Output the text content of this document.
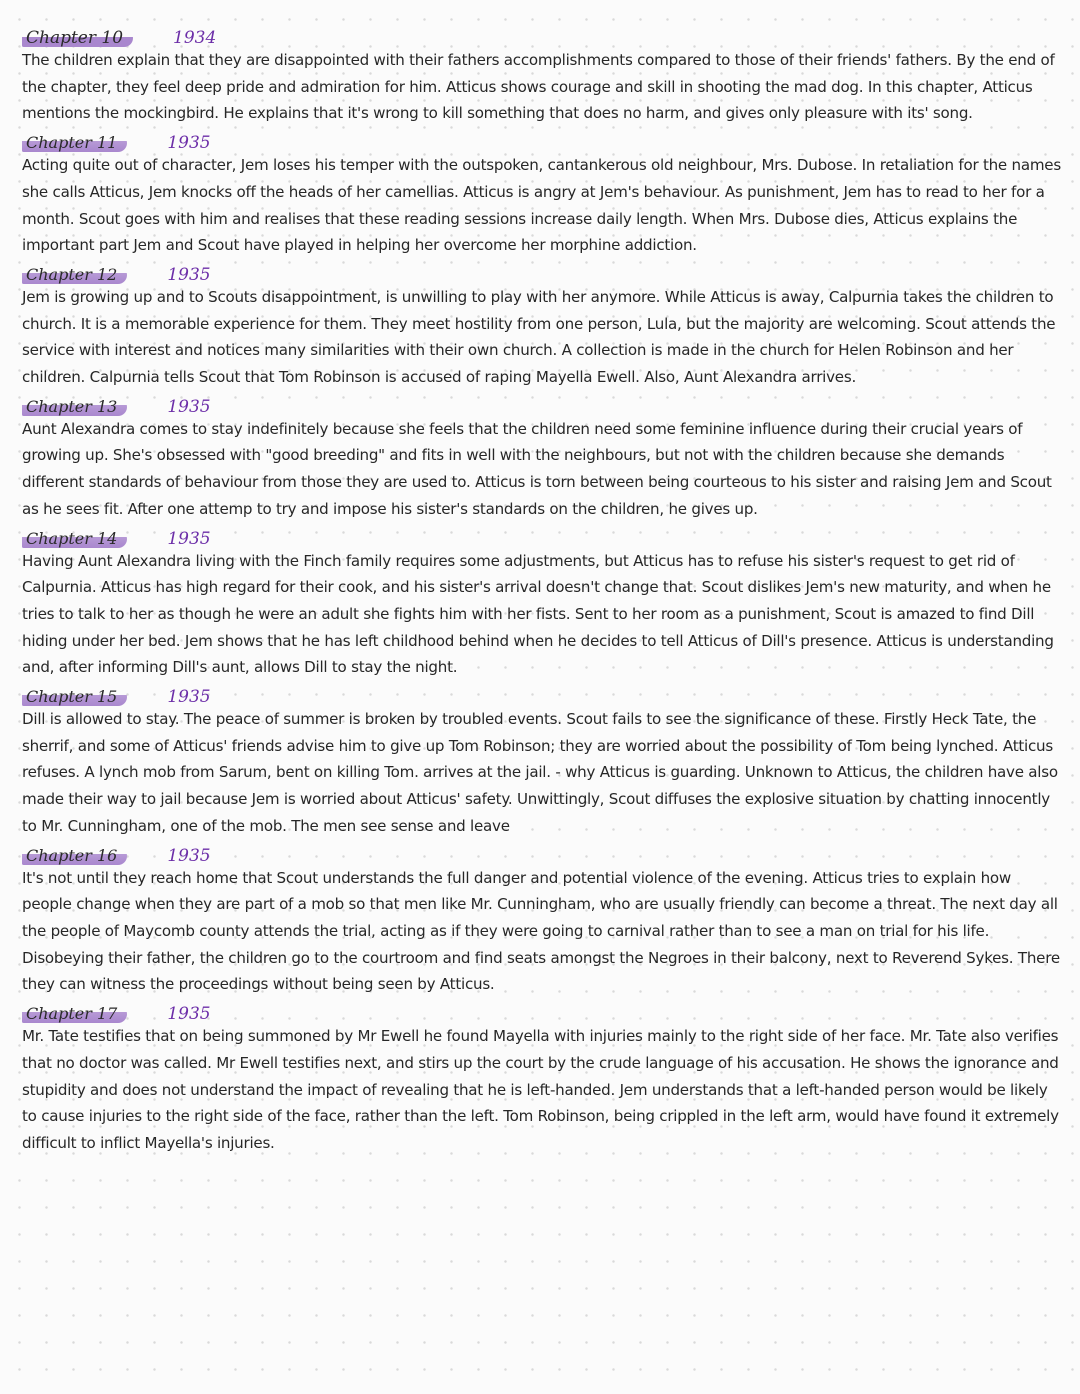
Chapter 10	1934

The children explain that they are disappointed with their fathers accomplishments compared to those of their friends' fathers. By the end of the chapter, they feel deep pride and admiration for him. Atticus shows courage and skill in shooting the mad dog. In this chapter, Atticus mentions the mockingbird. He explains that it's wrong to kill something that does no harm, and gives only pleasure with its' song.

Chapter 11	1935

Acting quite out of character, Jem loses his temper with the outspoken, cantankerous old neighbour, Mrs. Dubose. In retaliation for the names she calls Atticus, Jem knocks off the heads of her camellias. Atticus is angry at Jem's behaviour. As punishment, Jem has to read to her for a month. Scout goes with him and realises that these reading sessions increase daily length. When Mrs. Dubose dies, Atticus explains the important part Jem and Scout have played in helping her overcome her morphine addiction.

Chapter 12	1935

Jem is growing up and to Scouts disappointment, is unwilling to play with her anymore. While Atticus is away, Calpurnia takes the children to church. It is a memorable experience for them. They meet hostility from one person, Lula, but the majority are welcoming. Scout attends the service with interest and notices many similarities with their own church. A collection is made in the church for Helen Robinson and her children. Calpurnia tells Scout that Tom Robinson is accused of raping Mayella Ewell. Also, Aunt Alexandra arrives.

Chapter 13	1935

Aunt Alexandra comes to stay indefinitely because she feels that the children need some feminine influence during their crucial years of growing up. She's obsessed with "good breeding" and fits in well with the neighbours, but not with the children because she demands different standards of behaviour from those they are used to. Atticus is torn between being courteous to his sister and raising Jem and Scout as he sees fit. After one attemp to try and impose his sister's standards on the children, he gives up.

Chapter 14	1935

Having Aunt Alexandra living with the Finch family requires some adjustments, but Atticus has to refuse his sister's request to get rid of Calpurnia. Atticus has high regard for their cook, and his sister's arrival doesn't change that. Scout dislikes Jem's new maturity, and when he tries to talk to her as though he were an adult she fights him with her fists. Sent to her room as a punishment, Scout is amazed to find Dill hiding under her bed. Jem shows that he has left childhood behind when he decides to tell Atticus of Dill's presence. Atticus is understanding and, after informing Dill's aunt, allows Dill to stay the night.

Chapter 15	1935

Dill is allowed to stay. The peace of summer is broken by troubled events. Scout fails to see the significance of these. Firstly Heck Tate, the sherrif, and some of Atticus' friends advise him to give up Tom Robinson; they are worried about the possibility of Tom being lynched. Atticus refuses. A lynch mob from Sarum, bent on killing Tom. arrives at the jail. - why Atticus is guarding. Unknown to Atticus, the children have also made their way to jail because Jem is worried about Atticus' safety. Unwittingly, Scout diffuses the explosive situation by chatting innocently to Mr. Cunningham, one of the mob. The men see sense and leave

Chapter 16	1935

It's not until they reach home that Scout understands the full danger and potential violence of the evening. Atticus tries to explain how people change when they are part of a mob so that men like Mr. Cunningham, who are usually friendly can become a threat. The next day all the people of Maycomb county attends the trial, acting as if they were going to carnival rather than to see a man on trial for his life. Disobeying their father, the children go to the courtroom and find seats amongst the Negroes in their balcony, next to Reverend Sykes. There they can witness the proceedings without being seen by Atticus.

Chapter 17	1935

Mr. Tate testifies that on being summoned by Mr Ewell he found Mayella with injuries mainly to the right side of her face. Mr. Tate also verifies that no doctor was called. Mr Ewell testifies next, and stirs up the court by the crude language of his accusation. He shows the ignorance and stupidity and does not understand the impact of revealing that he is left-handed. Jem understands that a left-handed person would be likely to cause injuries to the right side of the face, rather than the left. Tom Robinson, being crippled in the left arm, would have found it extremely difficult to inflict Mayella's injuries.
